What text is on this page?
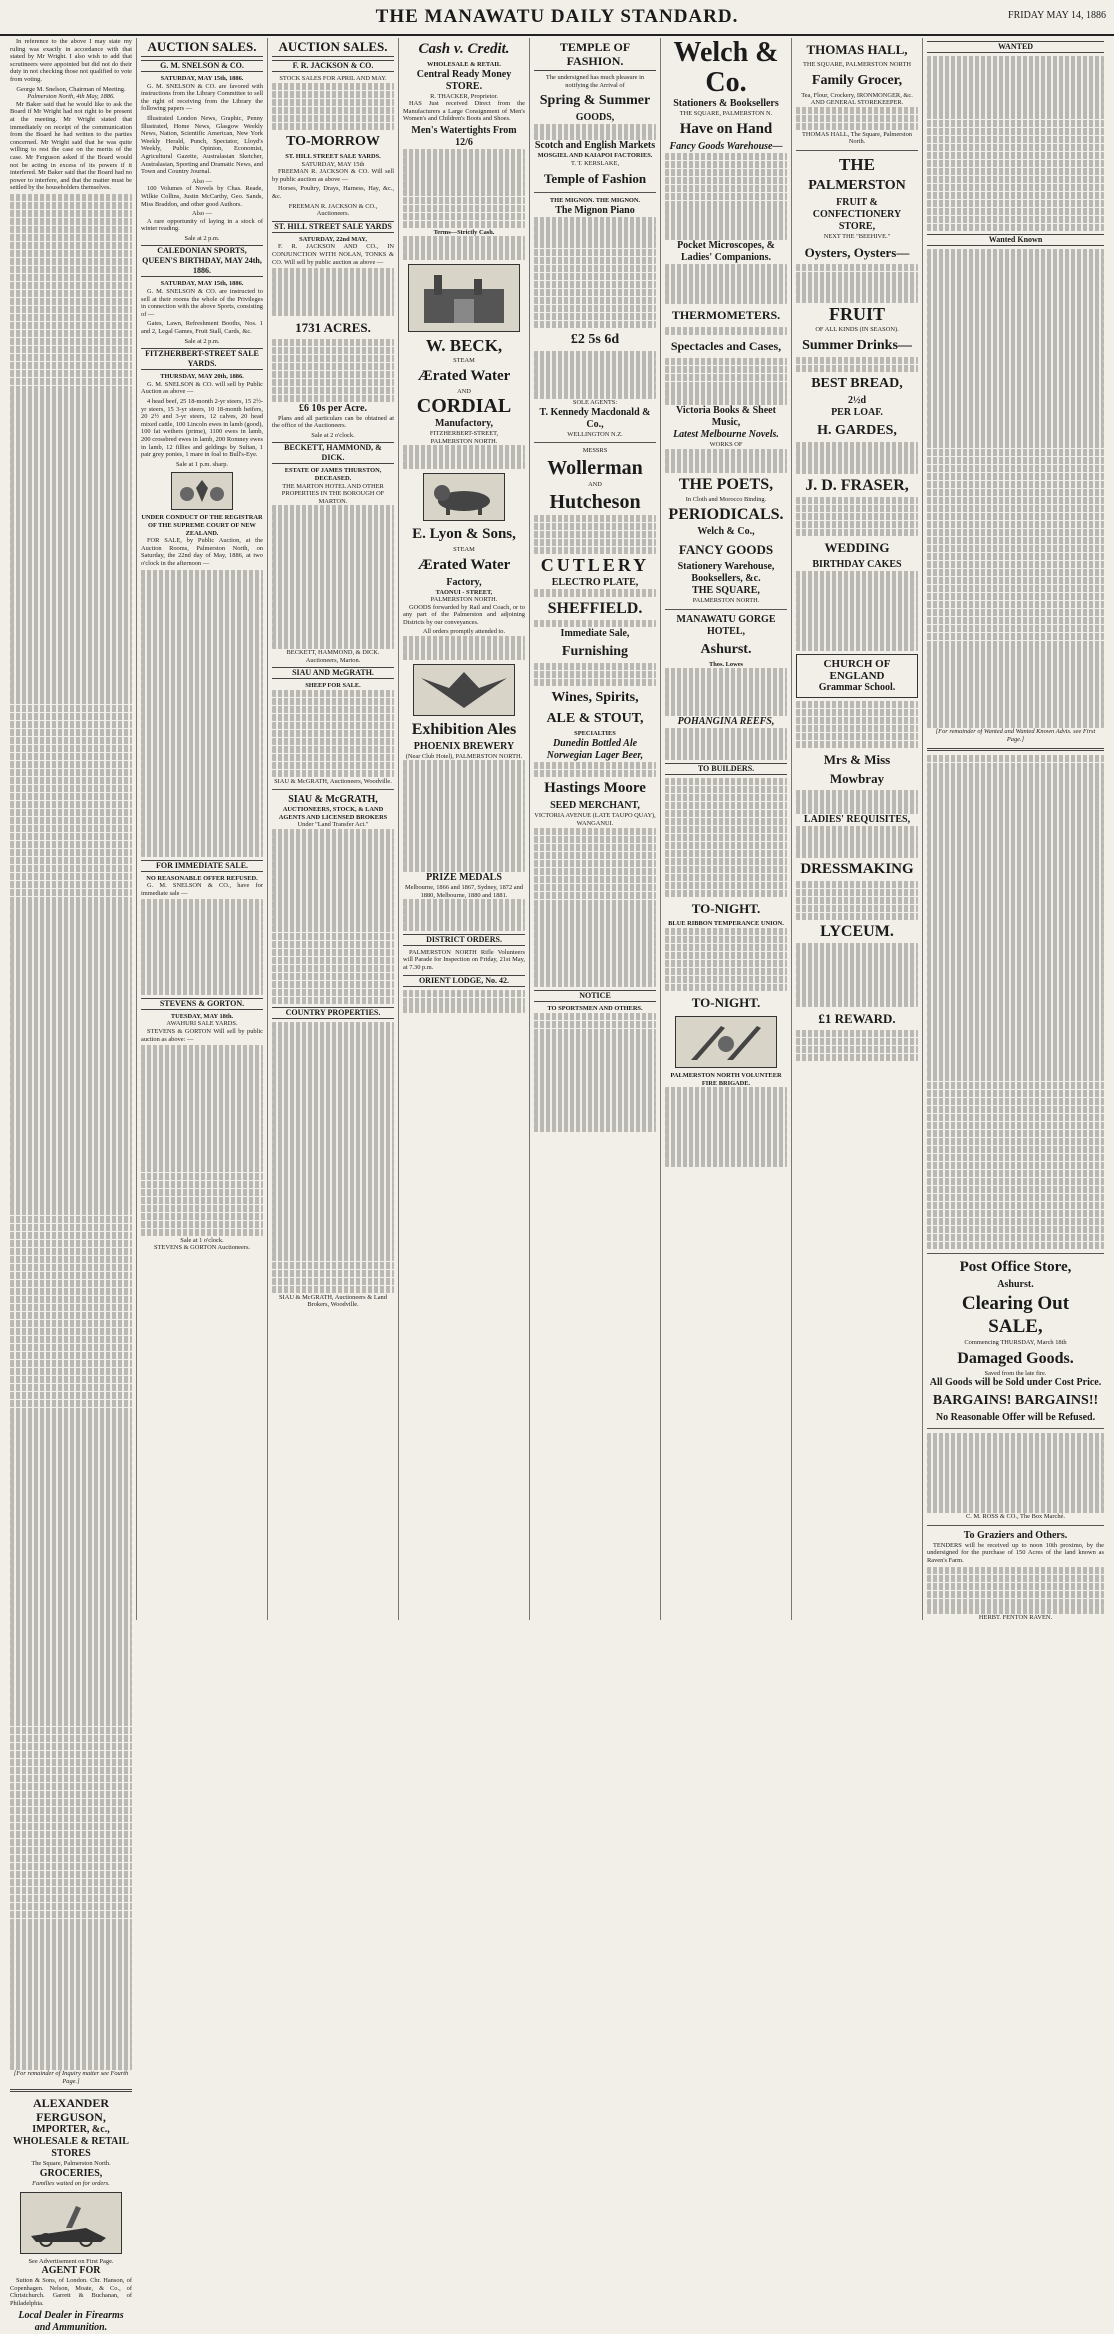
THE MANAWATU DAILY STANDARD.	FRIDAY MAY 14, 1886
In reference to the above I may state my ruling was exactly in accordance with that stated by Mr Wright. I also wish to add that scrutineers were appointed but did not do their duty in not checking those not qualified to vote from voting.
George M. Snelson, Chairman of Meeting.
Palmerston North, 4th May, 1886.
Mr Baker said that he would like to ask the Board if Mr Wright had not right to be present at the meeting. Mr Wright stated that immediately on receipt of the communication from the Board he had written to the parties concerned. Mr Wright said that he was quite willing to rest the case on the merits of the case. Mr Ferguson asked if the Board would not be acting in excess of its powers if it interfered. Mr Baker said that the Board had no power to interfere, and that the matter must be settled by the householders themselves.
[For remainder of Inquiry matter see Fourth Page.]
ALEXANDER FERGUSON,
IMPORTER, &c.,
WHOLESALE & RETAIL STORES
The Square, Palmerston North.
GROCERIES,
Families waited on for orders.
See Advertisement on First Page.
AGENT FOR
Sutton & Sons, of London. Chr. Hanson, of Copenhagen. Nelson, Moate, & Co., of Christchurch. Garrett & Buchanan, of Philadelphia.
Local Dealer in Firearms and Ammunition.
AUCTION SALES.
G. M. SNELSON & CO.
SATURDAY, MAY 15th, 1886.
G. M. SNELSON & CO. are favored with instructions from the Library Committee to sell the right of receiving from the Library the following papers —
Illustrated London News, Graphic, Penny Illustrated, Home News, Glasgow Weekly News, Nation, Scientific American, New York Weekly Herald, Punch, Spectator, Lloyd's Weekly, Public Opinion, Economist, Agricultural Gazette, Australasian Sketcher, Australasian, Sporting and Dramatic News, and Town and Country Journal.
Also —
100 Volumes of Novels by Chas. Reade, Wilkie Collins, Justin McCarthy, Geo. Sands, Miss Braddon, and other good Authors.
Also —
A rare opportunity of laying in a stock of winter reading.
Sale at 2 p.m.
CALEDONIAN SPORTS, QUEEN'S BIRTHDAY, MAY 24th, 1886.
SATURDAY, MAY 15th, 1886.
G. M. SNELSON & CO. are instructed to sell at their rooms the whole of the Privileges in connection with the above Sports, consisting of —
Gates, Lawn, Refreshment Booths, Nos. 1 and 2, Legal Games, Fruit Stall, Cards, &c.
Sale at 2 p.m.
FITZHERBERT-STREET SALE YARDS.
THURSDAY, MAY 20th, 1886.
G. M. SNELSON & CO. will sell by Public Auction as above —
4 head beef, 25 18-month 2-yr steers, 15 2½-yr steers, 15 3-yr steers, 10 18-month heifers, 20 2½ and 3-yr steers, 12 calves, 20 head mixed cattle, 100 Lincoln ewes in lamb (good), 100 fat wethers (prime), 1100 ewes in lamb, 200 crossbred ewes in lamb, 200 Romney ewes in lamb, 12 fillies and geldings by Sultan, 1 pair grey ponies, 1 mare in foal to Bull's-Eye.
Sale at 1 p.m. sharp.
UNDER CONDUCT OF THE REGISTRAR OF THE SUPREME COURT OF NEW ZEALAND.
FOR SALE, by Public Auction, at the Auction Rooms, Palmerston North, on Saturday, the 22nd day of May, 1886, at two o'clock in the afternoon —
FOR IMMEDIATE SALE.
NO REASONABLE OFFER REFUSED.
G. M. SNELSON & CO., have for immediate sale —
STEVENS & GORTON.
TUESDAY, MAY 18th.
AWAHURI SALE YARDS.
STEVENS & GORTON Will sell by public auction as above: —
Sale at 1 o'clock.
STEVENS & GORTON Auctioneers.
AUCTION SALES.
F. R. JACKSON & CO.
STOCK SALES FOR APRIL AND MAY.
TO-MORROW
ST. HILL STREET SALE YARDS.
SATURDAY, MAY 15th
FREEMAN R. JACKSON & CO. Will sell by public auction as above —
Horses, Poultry, Drays, Harness, Hay, &c., &c.
FREEMAN R. JACKSON & CO., Auctioneers.
ST. HILL STREET SALE YARDS
SATURDAY, 22nd MAY,
F. R. JACKSON AND CO., IN CONJUNCTION WITH NOLAN, TONKS & CO. Will sell by public auction as above —
1731 ACRES.
£6 10s per Acre.
Plans and all particulars can be obtained at the office of the Auctioneers.
Sale at 2 o'clock.
BECKETT, HAMMOND, & DICK.
ESTATE OF JAMES THURSTON, DECEASED.
THE MARTON HOTEL AND OTHER PROPERTIES IN THE BOROUGH OF MARTON.
BECKETT, HAMMOND, & DICK. Auctioneers, Marton.
SIAU AND McGRATH.
SHEEP FOR SALE.
SIAU & McGRATH, Auctioneers, Woodville.
SIAU & McGRATH,
AUCTIONEERS, STOCK, & LAND AGENTS AND LICENSED BROKERS
Under "Land Transfer Act."
COUNTRY PROPERTIES.
SIAU & McGRATH, Auctioneers & Land Brokers, Woodville.
Cash v. Credit.
WHOLESALE & RETAIL
Central Ready Money STORE.
R. THACKER, Proprietor.
HAS Just received Direct from the Manufacturers a Large Consignment of Men's Women's and Children's Boots and Shoes.
Men's Watertights From 12/6
Terms—Strictly Cash.
W. BECK,
STEAM
Ærated Water
AND
CORDIAL
Manufactory,
FITZHERBERT-STREET,
PALMERSTON NORTH.
E. Lyon & Sons,
STEAM
Ærated Water
Factory,
TAONUI - STREET,
PALMERSTON NORTH.
GOODS forwarded by Rail and Coach, or to any part of the Palmerston and adjoining Districts by our conveyances.
All orders promptly attended to.
Exhibition Ales
PHOENIX BREWERY
(Near Club Hotel), PALMERSTON NORTH.
PRIZE MEDALS
Melbourne, 1866 and 1867, Sydney, 1872 and 1880, Melbourne, 1880 and 1881.
DISTRICT ORDERS.
PALMERSTON NORTH Rifle Volunteers will Parade for Inspection on Friday, 21st May, at 7.30 p.m.
ORIENT LODGE, No. 42.
TEMPLE OF FASHION.
The undersigned has much pleasure in notifying the Arrival of
Spring & Summer
GOODS,
Scotch and English Markets
MOSGIEL AND KAIAPOI FACTORIES.
T. T. KERSLAKE,
Temple of Fashion
THE MIGNON. THE MIGNON.
The Mignon Piano
£2 5s 6d
SOLE AGENTS:
T. Kennedy Macdonald & Co.,
WELLINGTON N.Z.
MESSRS
Wollerman
AND
Hutcheson
CUTLERY
ELECTRO PLATE,
SHEFFIELD.
Immediate Sale,
Furnishing
Wines, Spirits,
ALE & STOUT,
SPECIALTIES
Dunedin Bottled Ale
Norwegian Lager Beer,
Hastings Moore
SEED MERCHANT,
VICTORIA AVENUE (LATE TAUPO QUAY), WANGANUI.
NOTICE
TO SPORTSMEN AND OTHERS.
Welch & Co.
Stationers & Booksellers
THE SQUARE, PALMERSTON N.
Have on Hand
Fancy Goods Warehouse—
Pocket Microscopes, & Ladies' Companions.
THERMOMETERS.
Spectacles and Cases,
Victoria Books & Sheet Music,
Latest Melbourne Novels.
WORKS OF
THE POETS,
In Cloth and Morocco Binding.
PERIODICALS.
Welch & Co.,
FANCY GOODS
Stationery Warehouse, Booksellers, &c.
THE SQUARE,
PALMERSTON NORTH.
MANAWATU GORGE HOTEL,
Ashurst.
Thos. Lowes
POHANGINA REEFS,
TO BUILDERS.
TO-NIGHT.
BLUE RIBBON TEMPERANCE UNION.
TO-NIGHT.
PALMERSTON NORTH VOLUNTEER FIRE BRIGADE.
THOMAS HALL,
THE SQUARE, PALMERSTON NORTH
Family Grocer,
Tea, Flour, Crockery, IRONMONGER, &c. AND GENERAL STOREKEEPER.
THOMAS HALL, The Square, Palmerston North.
THE
PALMERSTON
FRUIT & CONFECTIONERY
STORE,
NEXT THE "BEEHIVE."
Oysters, Oysters—
FRUIT
OF ALL KINDS (IN SEASON).
Summer Drinks—
BEST BREAD,
2½d
PER LOAF.
H. GARDES,
J. D. FRASER,
WEDDING
BIRTHDAY CAKES
CHURCH OF ENGLAND
Grammar School.
Mrs & Miss Mowbray
LADIES' REQUISITES,
DRESSMAKING
LYCEUM.
£1 REWARD.
WANTED
Wanted Known
[For remainder of Wanted and Wanted Known Advts. see First Page.]
Post Office Store,
Ashurst.
Clearing Out
SALE,
Commencing THURSDAY, March 18th
Damaged Goods.
Saved from the late fire.
All Goods will be Sold under Cost Price.
BARGAINS! BARGAINS!!
No Reasonable Offer will be Refused.
C. M. ROSS & CO., The Box Marché.
To Graziers and Others.
TENDERS will be received up to noon 10th proximo, by the undersigned for the purchase of 150 Acres of the land known as Raven's Farm.
HERBT. FENTON RAVEN.
